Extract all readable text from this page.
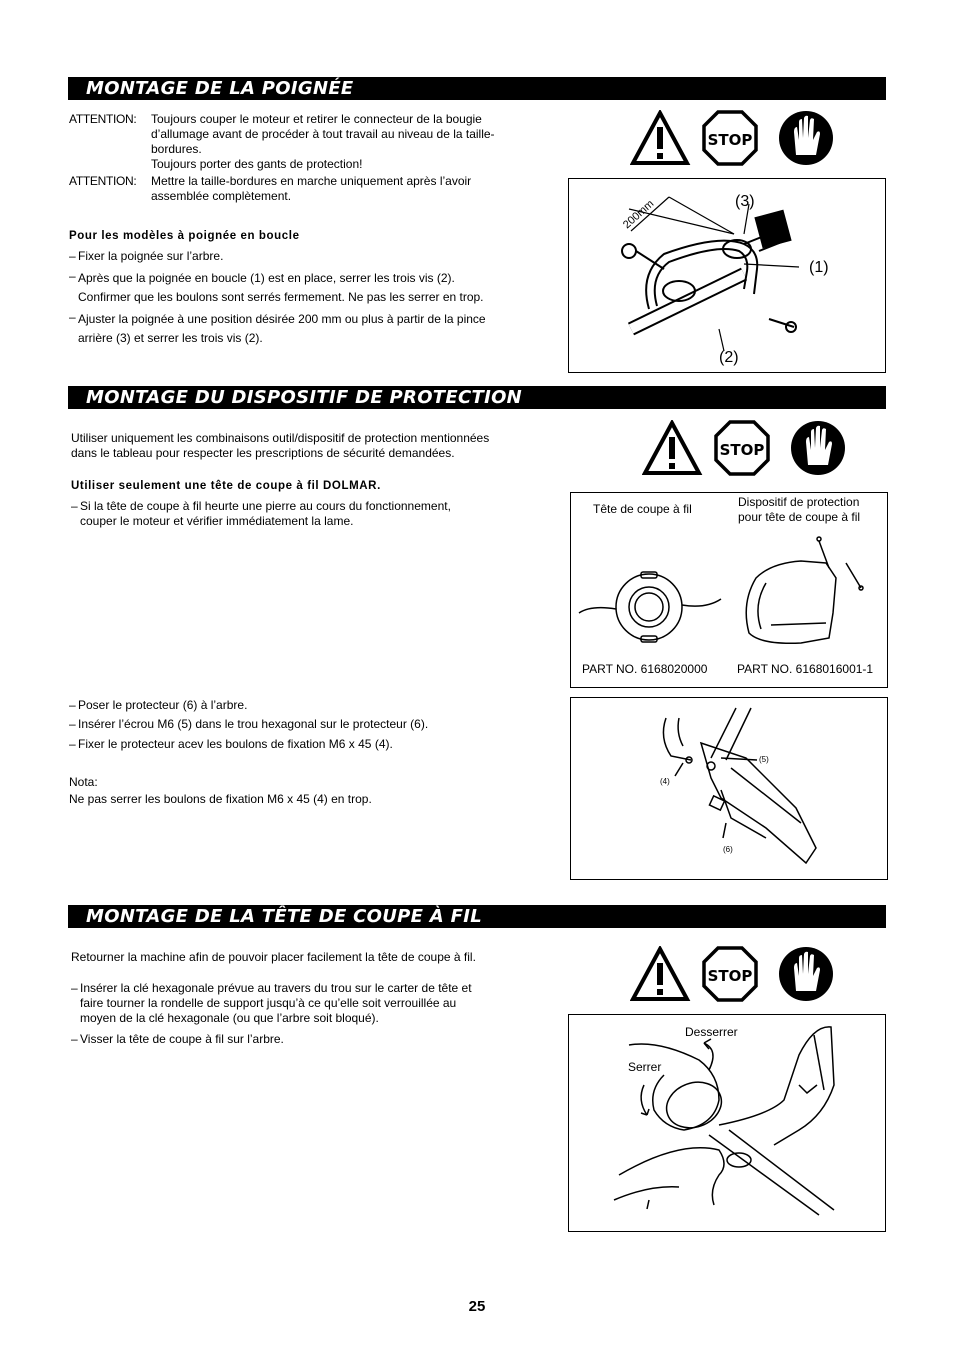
MONTAGE DE LA POIGNÉE
ATTENTION: Toujours couper le moteur et retirer le connecteur de la bougie
d’allumage avant de procéder à tout travail au niveau de la taille-
bordures.
Toujours porter des gants de protection!
ATTENTION: Mettre la taille-bordures en marche uniquement après l’avoir
assemblée complètement.
Pour les modèles à poignée en boucle
– Fixer la poignée sur l’arbre.
– Après que la poignée en boucle (1) est en place, serrer les trois vis (2).
Confirmer que les boulons sont serrés fermement. Ne pas les serrer en trop.
– Ajuster la poignée à une position désirée 200 mm ou plus à partir de la pince
arrière (3) et serrer les trois vis (2).
STOP
200mm	(3)
(1)
(2)
MONTAGE DU DISPOSITIF DE PROTECTION
Utiliser uniquement les combinaisons outil/dispositif de protection mentionnées
dans le tableau pour respecter les prescriptions de sécurité demandées.
Utiliser seulement une tête de coupe à fil DOLMAR.
– Si la tête de coupe à fil heurte une pierre au cours du fonctionnement,
couper le moteur et vérifier immédiatement la lame.
STOP
Tête de coupe à fil	Dispositif de protection
pour tête de coupe à fil
PART NO. 6168020000 PART NO. 6168016001-1
– Poser le protecteur (6) à l’arbre.
– Insérer l’écrou M6 (5) dans le trou hexagonal sur le protecteur (6).
– Fixer le protecteur acev les boulons de fixation M6 x 45 (4).
Nota:
Ne pas serrer les boulons de fixation M6 x 45 (4) en trop.
(5)
(4)
(6)
MONTAGE DE LA TÊTE DE COUPE À FIL
Retourner la machine afin de pouvoir placer facilement la tête de coupe à fil.
– Insérer la clé hexagonale prévue au travers du trou sur le carter de tête et
faire tourner la rondelle de support jusqu’à ce qu’elle soit verrouillée au
moyen de la clé hexagonale (ou que l’arbre soit bloqué).
– Visser la tête de coupe à fil sur l’arbre.
STOP
Desserrer
Serrer
25
